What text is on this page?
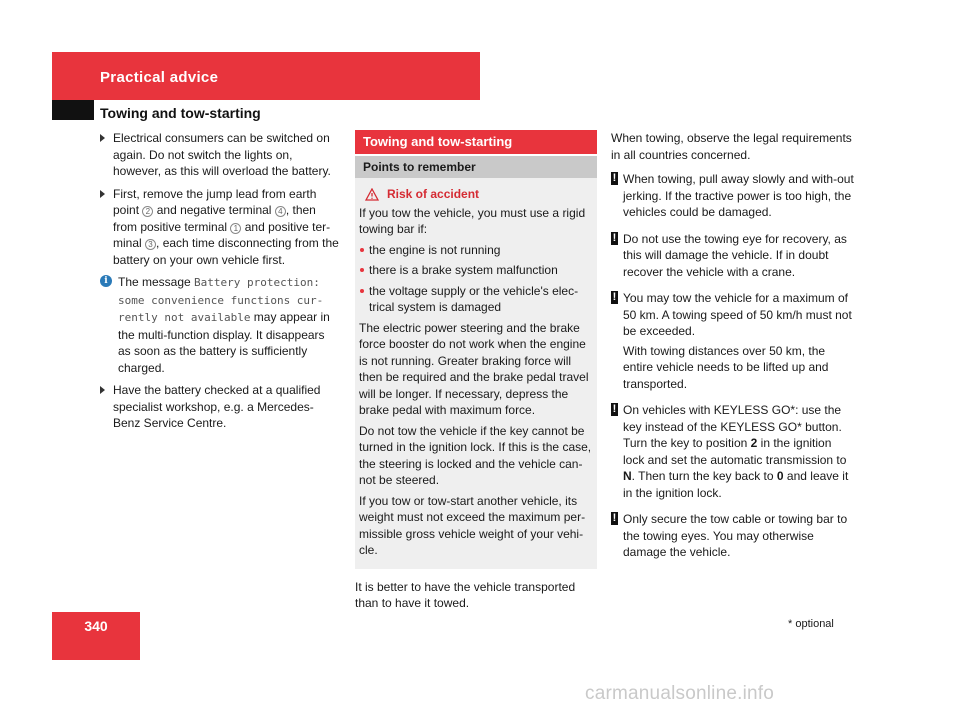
Practical advice
Towing and tow-starting
Electrical consumers can be switched on again. Do not switch the lights on, however, as this will overload the battery.
First, remove the jump lead from earth point 2 and negative terminal 4 , then from positive terminal 1 and positive ter-minal 3 , each time disconnecting from the battery on your own vehicle first.
i The message Battery protection: some convenience functions cur-rently not available may appear in the multi-function display. It disappears as soon as the battery is sufficiently charged.
Have the battery checked at a qualified specialist workshop, e.g. a Mercedes-Benz Service Centre.
Towing and tow-starting
Points to remember
Risk of accident
If you tow the vehicle, you must use a rigid towing bar if:
the engine is not running
there is a brake system malfunction
the voltage supply or the vehicle's elec-trical system is damaged
The electric power steering and the brake force booster do not work when the engine is not running. Greater braking force will then be required and the brake pedal travel will be longer. If necessary, depress the brake pedal with maximum force.
Do not tow the vehicle if the key cannot be turned in the ignition lock. If this is the case, the steering is locked and the vehicle can-not be steered.
If you tow or tow-start another vehicle, its weight must not exceed the maximum per-missible gross vehicle weight of your vehi-cle.
It is better to have the vehicle transported than to have it towed.
When towing, observe the legal requirements in all countries concerned.
! When towing, pull away slowly and with-out jerking. If the tractive power is too high, the vehicles could be damaged.
! Do not use the towing eye for recovery, as this will damage the vehicle. If in doubt recover the vehicle with a crane.
! You may tow the vehicle for a maximum of 50 km. A towing speed of 50 km/h must not be exceeded.
With towing distances over 50 km, the entire vehicle needs to be lifted up and transported.
! On vehicles with KEYLESS GO*: use the key instead of the KEYLESS GO* button. Turn the key to position 2 in the ignition lock and set the automatic transmission to N. Then turn the key back to 0 and leave it in the ignition lock.
! Only secure the tow cable or towing bar to the towing eyes. You may otherwise damage the vehicle.
340	* optional
carmanualsonline.info
